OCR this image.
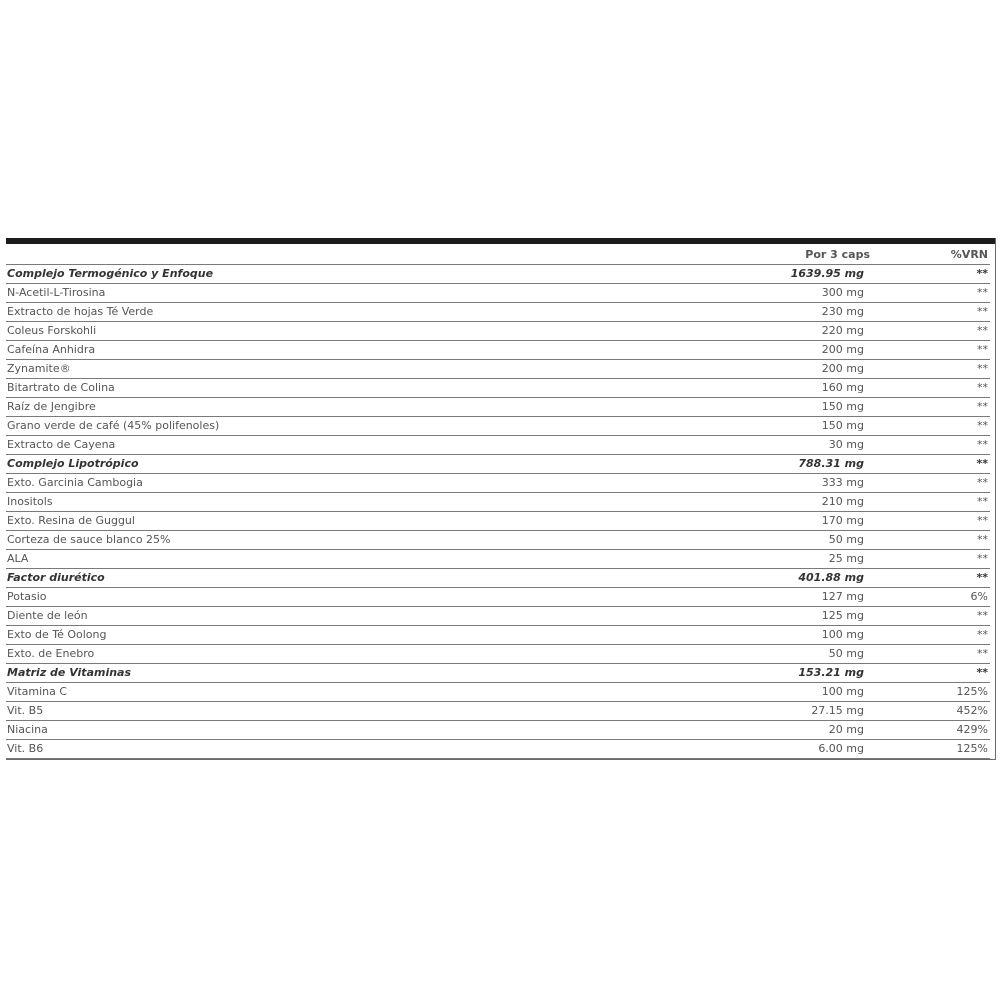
	Por 3 caps	%VRN
Complejo Termogénico y Enfoque	1639.95 mg	**
N-Acetil-L-Tirosina	300 mg	**
Extracto de hojas Té Verde	230 mg	**
Coleus Forskohli	220 mg	**
Cafeína Anhidra	200 mg	**
Zynamite®	200 mg	**
Bitartrato de Colina	160 mg	**
Raíz de Jengibre	150 mg	**
Grano verde de café (45% polifenoles)	150 mg	**
Extracto de Cayena	30 mg	**
Complejo Lipotrópico	788.31 mg	**
Exto. Garcinia Cambogia	333 mg	**
Inositols	210 mg	**
Exto. Resina de Guggul	170 mg	**
Corteza de sauce blanco 25%	50 mg	**
ALA	25 mg	**
Factor diurético	401.88 mg	**
Potasio	127 mg	6%
Diente de león	125 mg	**
Exto de Té Oolong	100 mg	**
Exto. de Enebro	50 mg	**
Matriz de Vitaminas	153.21 mg	**
Vitamina C	100 mg	125%
Vit. B5	27.15 mg	452%
Niacina	20 mg	429%
Vit. B6	6.00 mg	125%
